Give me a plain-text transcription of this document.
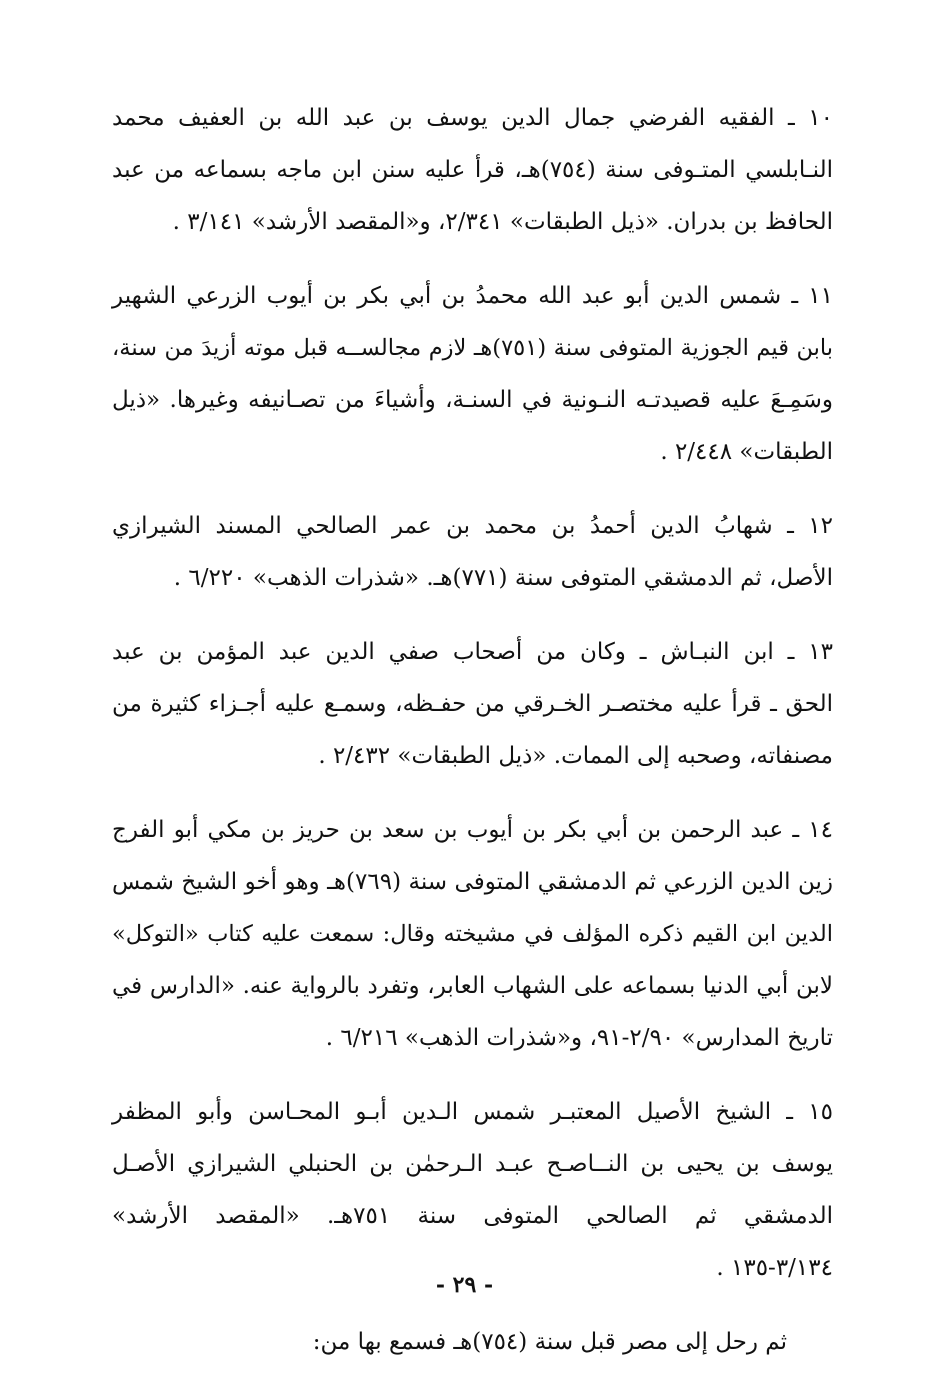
١٠ ـ الفقيه الفرضي جمال الدين يوسف بن عبد الله بن العفيف محمد
النـابلسي المتـوفى سنة (٧٥٤)هـ، قرأ عليه سنن ابن ماجه بسماعه من عبد
الحافظ بن بدران. «ذيل الطبقات» ٢/٣٤١، و«المقصد الأرشد» ٣/١٤١ .

١١ ـ شمس الدين أبو عبد الله محمدُ بن أبي بكر بن أيوب الزرعي الشهير
بابن قيم الجوزية المتوفى سنة (٧٥١)هـ لازم مجالســه قبل موته أزيدَ من سنة،
وسَمِـعَ عليه قصيدتـه النـونية في السنـة، وأشياءَ من تصـانيفه وغيرها. «ذيل
الطبقات» ٢/٤٤٨ .

١٢ ـ شهابُ الدين أحمدُ بن محمد بن عمر الصالحي المسند الشيرازي
الأصل، ثم الدمشقي المتوفى سنة (٧٧١)هـ. «شذرات الذهب» ٦/٢٢٠ .

١٣ ـ ابن النبـاش ـ وكان من أصحاب صفي الدين عبد المؤمن بن عبد
الحق ـ قرأ عليه مختصـر الخـرقي من حفـظه، وسمـع عليه أجـزاء كثيرة من
مصنفاته، وصحبه إلى الممات. «ذيل الطبقات» ٢/٤٣٢ .

١٤ ـ عبد الرحمن بن أبي بكر بن أيوب بن سعد بن حريز بن مكي أبو الفرج
زين الدين الزرعي ثم الدمشقي المتوفى سنة (٧٦٩)هـ وهو أخو الشيخ شمس
الدين ابن القيم ذكره المؤلف في مشيخته وقال: سمعت عليه كتاب «التوكل»
لابن أبي الدنيا بسماعه على الشهاب العابر، وتفرد بالرواية عنه. «الدارس في
تاريخ المدارس» ٢/٩٠-٩١، و«شذرات الذهب» ٦/٢١٦ .

١٥ ـ الشيخ الأصيل المعتبـر شمس الـدين أبـو المحـاسن وأبو المظفر
يوسف بن يحيى بن النــاصـح عبـد الـرحمٰن بن الحنبلي الشيرازي الأصـل
الدمشقي ثم الصالحي المتوفى سنة ٧٥١هـ. «المقصد الأرشد»
٣/١٣٤-١٣٥ .

ثم رحل إلى مصر قبل سنة (٧٥٤)هـ فسمع بها من:
- ٢٩ -
